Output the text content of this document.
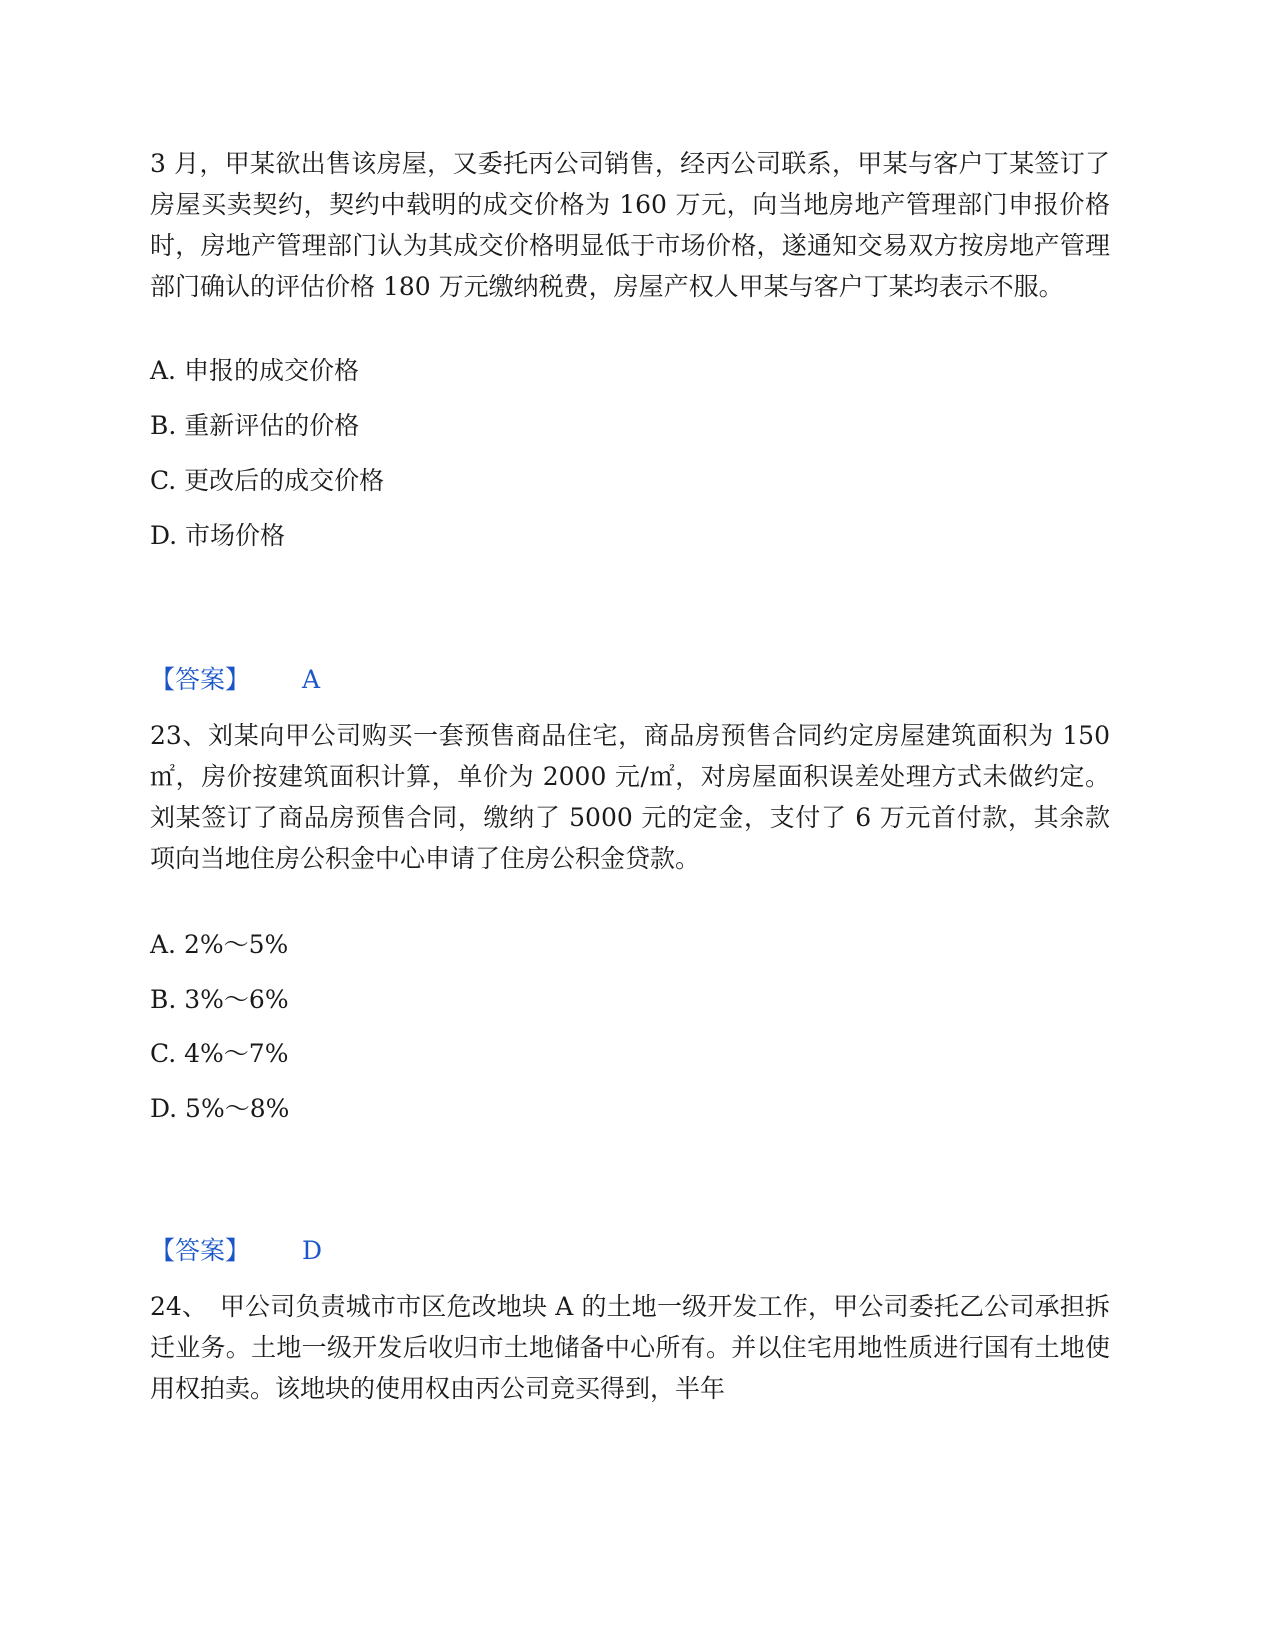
3 月，甲某欲出售该房屋，又委托丙公司销售，经丙公司联系，甲某与客户丁某签订了房屋买卖契约，契约中载明的成交价格为 160 万元，向当地房地产管理部门申报价格时，房地产管理部门认为其成交价格明显低于市场价格，遂通知交易双方按房地产管理部门确认的评估价格 180 万元缴纳税费，房屋产权人甲某与客户丁某均表示不服。
A. 申报的成交价格
B. 重新评估的价格
C. 更改后的成交价格
D. 市场价格
【答案】 A
23、刘某向甲公司购买一套预售商品住宅，商品房预售合同约定房屋建筑面积为 150㎡，房价按建筑面积计算，单价为 2000 元/㎡，对房屋面积误差处理方式未做约定。刘某签订了商品房预售合同，缴纳了 5000 元的定金，支付了 6 万元首付款，其余款项向当地住房公积金中心申请了住房公积金贷款。
A. 2%～5%
B. 3%～6%
C. 4%～7%
D. 5%～8%
【答案】 D
24、　甲公司负责城市市区危改地块 A 的土地一级开发工作，甲公司委托乙公司承担拆迁业务。土地一级开发后收归市土地储备中心所有。并以住宅用地性质进行国有土地使用权拍卖。该地块的使用权由丙公司竞买得到，半年
